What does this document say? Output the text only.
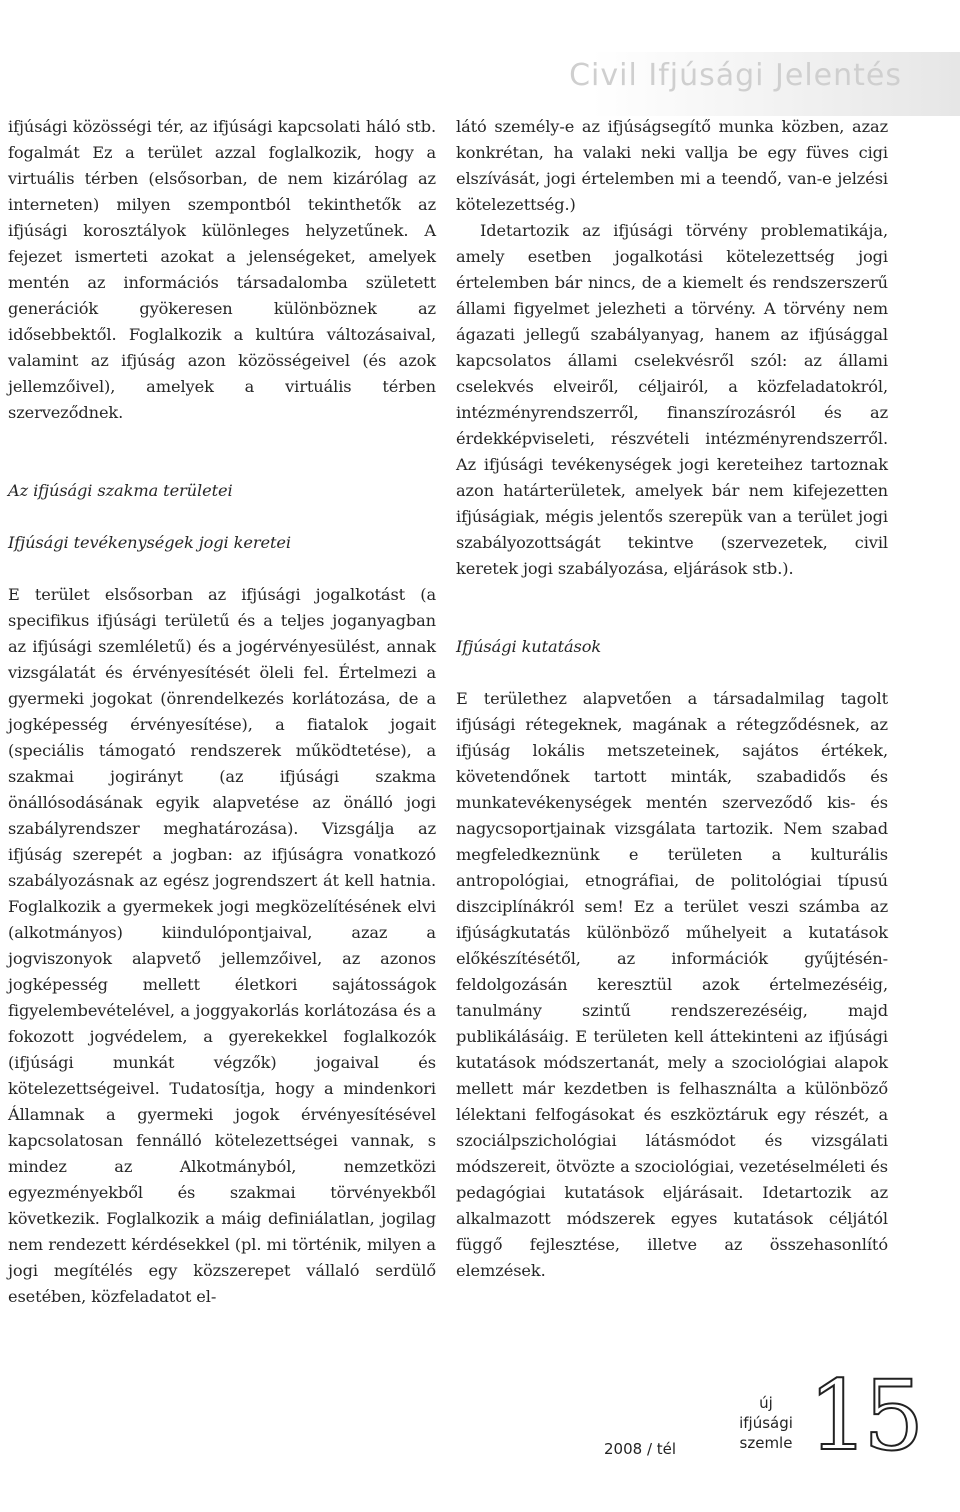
Civil Ifjúsági Jelentés

ifjúsági közösségi tér, az ifjúsági kapcsolati háló stb. fogalmát Ez a terület azzal foglalkozik, hogy a virtuális térben (elsősorban, de nem kizárólag az interneten) milyen szempontból tekinthetők az ifjúsági korosztályok különleges helyzetűnek. A fejezet ismerteti azokat a jelenségeket, amelyek mentén az információs társadalomba született generációk gyökeresen különböznek az idősebbektől. Foglalkozik a kultúra változásaival, valamint az ifjúság azon közösségeivel (és azok jellemzőivel), amelyek a virtuális térben szerveződnek.

Az ifjúsági szakma területei

Ifjúsági tevékenységek jogi keretei

E terület elsősorban az ifjúsági jogalkotást (a specifikus ifjúsági területű és a teljes joganyagban az ifjúsági szemléletű) és a jogérvényesülést, annak vizsgálatát és érvényesítését öleli fel. Értelmezi a gyermeki jogokat (önrendelkezés korlátozása, de a jogképesség érvényesítése), a fiatalok jogait (speciális támogató rendszerek működtetése), a szakmai jogirányt (az ifjúsági szakma önállósodásának egyik alapvetése az önálló jogi szabályrendszer meghatározása). Vizsgálja az ifjúság szerepét a jogban: az ifjúságra vonatkozó szabályozásnak az egész jogrendszert át kell hatnia. Foglalkozik a gyermekek jogi megközelítésének elvi (alkotmányos) kiindulópontjaival, azaz a jogviszonyok alapvető jellemzőivel, az azonos jogképesség mellett életkori sajátosságok figyelembevételével, a joggyakorlás korlátozása és a fokozott jogvédelem, a gyerekekkel foglalkozók (ifjúsági munkát végzők) jogaival és kötelezettségeivel. Tudatosítja, hogy a mindenkori Államnak a gyermeki jogok érvényesítésével kapcsolatosan fennálló kötelezettségei vannak, s mindez az Alkotmányból, nemzetközi egyezményekből és szakmai törvényekből következik. Foglalkozik a máig definiálatlan, jogilag nem rendezett kérdésekkel (pl. mi történik, milyen a jogi megítélés egy közszerepet vállaló serdülő esetében, közfeladatot el-

látó személy-e az ifjúságsegítő munka közben, azaz konkrétan, ha valaki neki vallja be egy füves cigi elszívását, jogi értelemben mi a teendő, van-e jelzési kötelezettség.)

Idetartozik az ifjúsági törvény problematikája, amely esetben jogalkotási kötelezettség jogi értelemben bár nincs, de a kiemelt és rendszerszerű állami figyelmet jelezheti a törvény. A törvény nem ágazati jellegű szabályanyag, hanem az ifjúsággal kapcsolatos állami cselekvésről szól: az állami cselekvés elveiről, céljairól, a közfeladatokról, intézményrendszerről, finanszírozásról és az érdekképviseleti, részvételi intézményrendszerről. Az ifjúsági tevékenységek jogi kereteihez tartoznak azon határterületek, amelyek bár nem kifejezetten ifjúságiak, mégis jelentős szerepük van a terület jogi szabályozottságát tekintve (szervezetek, civil keretek jogi szabályozása, eljárások stb.).

Ifjúsági kutatások

E területhez alapvetően a társadalmilag tagolt ifjúsági rétegeknek, magának a rétegződésnek, az ifjúság lokális metszeteinek, sajátos értékek, követendőnek tartott minták, szabadidős és munkatevékenységek mentén szerveződő kis- és nagycsoportjainak vizsgálata tartozik. Nem szabad megfeledkeznünk e területen a kulturális antropológiai, etnográfiai, de politológiai típusú diszciplínákról sem! Ez a terület veszi számba az ifjúságkutatás különböző műhelyeit a kutatások előkészítésétől, az információk gyűjtésén-feldolgozásán keresztül azok értelmezéséig, tanulmány szintű rendszerezéséig, majd publikálásáig. E területen kell áttekinteni az ifjúsági kutatások módszertanát, mely a szociológiai alapok mellett már kezdetben is felhasználta a különböző lélektani felfogásokat és eszköztáruk egy részét, a szociálpszichológiai látásmódot és vizsgálati módszereit, ötvözte a szociológiai, vezetéselméleti és pedagógiai kutatások eljárásait. Idetartozik az alkalmazott módszerek egyes kutatások céljától függő fejlesztése, illetve az összehasonlító elemzések.

2008 / tél
új
ifjúsági
szemle 15
